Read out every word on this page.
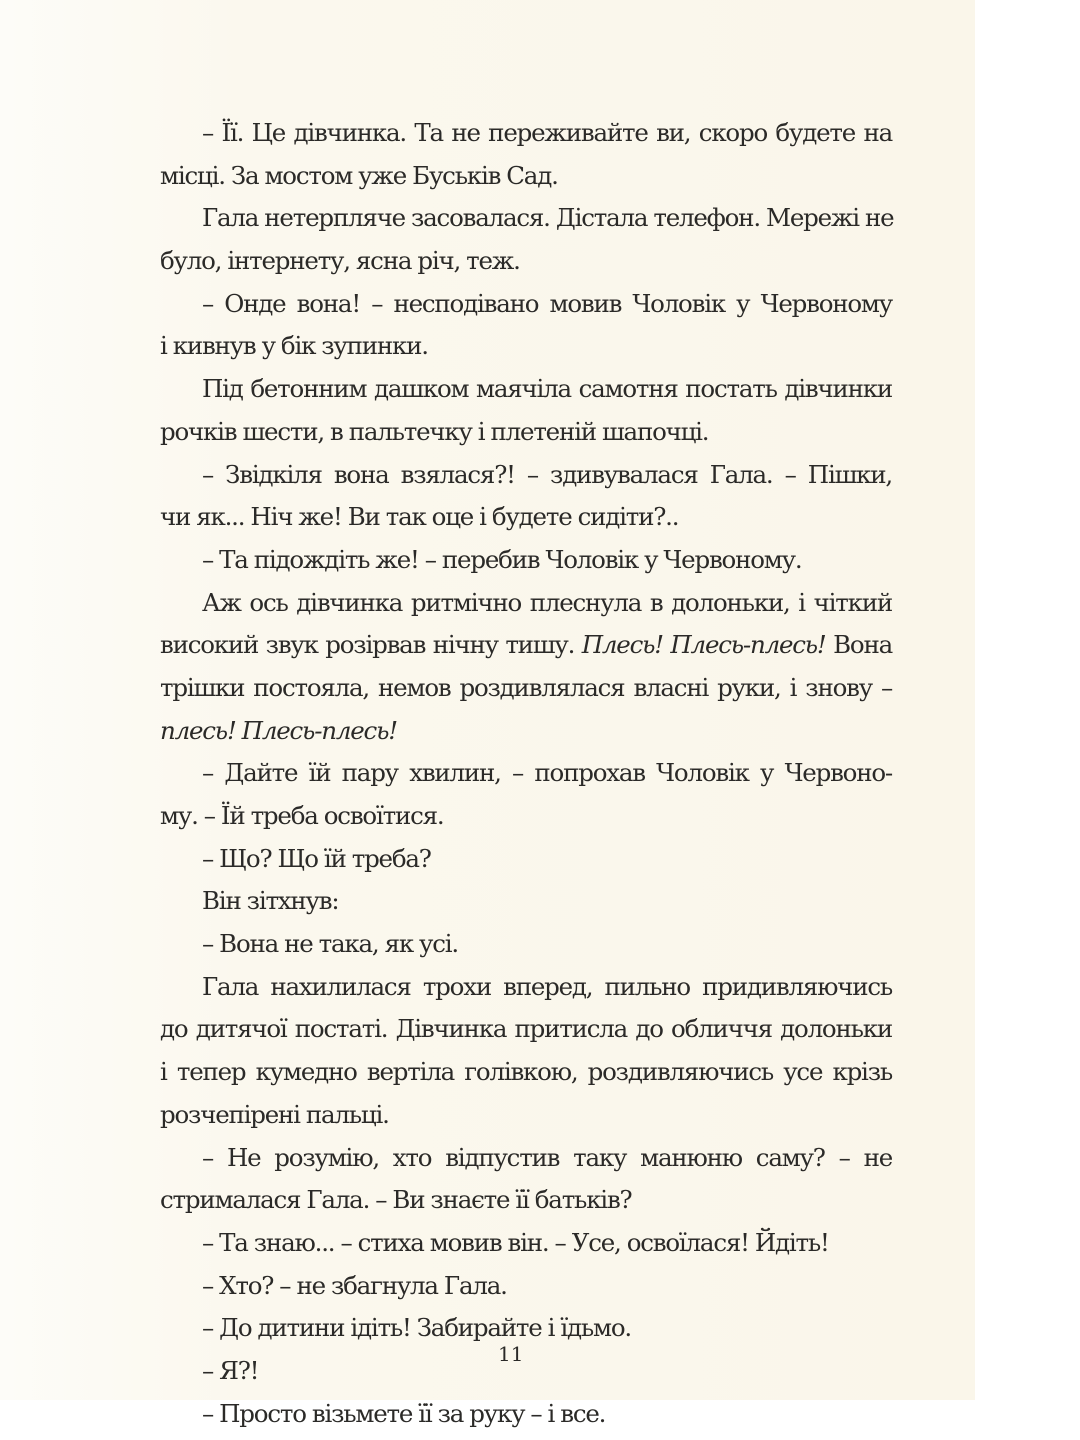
– Її. Це дівчинка. Та не переживайте ви, скоро будете на
місці. За мостом уже Буськів Сад.
Гала нетерпляче засовалася. Дістала телефон. Мережі не
було, інтернету, ясна річ, теж.
– Онде вона! – несподівано мовив Чоловік у Червоному
і кивнув у бік зупинки.
Під бетонним дашком маячіла самотня постать дівчинки
рочків шести, в пальтечку і плетеній шапочці.
– Звідкіля вона взялася?! – здивувалася Гала. – Пішки,
чи як... Ніч же! Ви так оце і будете сидіти?..
– Та підождіть же! – перебив Чоловік у Червоному.
Аж ось дівчинка ритмічно плеснула в долоньки, і чіткий
високий звук розірвав нічну тишу. Плесь! Плесь-плесь! Вона
трішки постояла, немов роздивлялася власні руки, і знову –
плесь! Плесь-плесь!
– Дайте їй пару хвилин, – попрохав Чоловік у Червоно-
му. – Їй треба освоїтися.
– Що? Що їй треба?
Він зітхнув:
– Вона не така, як усі.
Гала нахилилася трохи вперед, пильно придивляючись
до дитячої постаті. Дівчинка притисла до обличчя долоньки
і тепер кумедно вертіла голівкою, роздивляючись усе крізь
розчепірені пальці.
– Не розумію, хто відпустив таку манюню саму? – не
стрималася Гала. – Ви знаєте її батьків?
– Та знаю... – стиха мовив він. – Усе, освоїлася! Йдіть!
– Хто? – не збагнула Гала.
– До дитини ідіть! Забирайте і їдьмо.
– Я?!
– Просто візьмете її за руку – і все.
11
